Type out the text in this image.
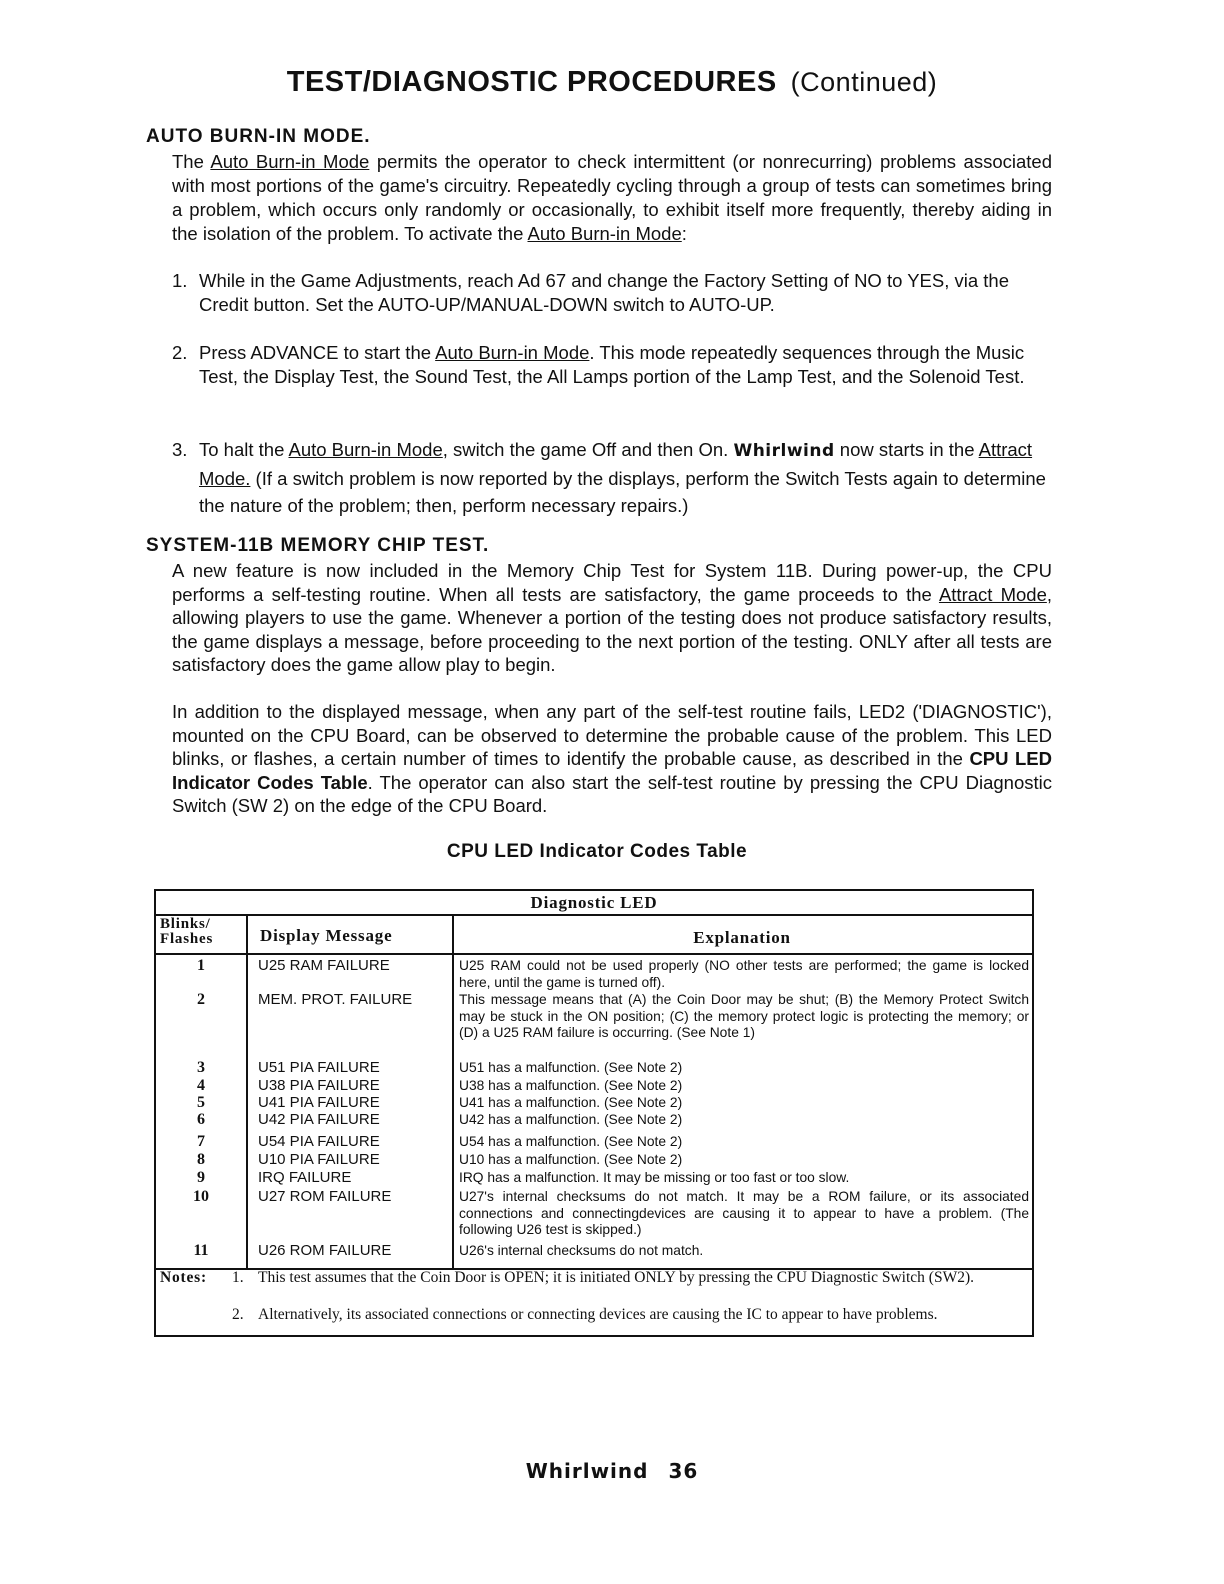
TEST/DIAGNOSTIC PROCEDURES (Continued)
AUTO BURN-IN MODE.
The Auto Burn-in Mode permits the operator to check intermittent (or nonrecurring) problems associated with most portions of the game's circuitry. Repeatedly cycling through a group of tests can sometimes bring a problem, which occurs only randomly or occasionally, to exhibit itself more frequently, thereby aiding in the isolation of the problem. To activate the Auto Burn-in Mode:
1. While in the Game Adjustments, reach Ad 67 and change the Factory Setting of NO to YES, via the Credit button. Set the AUTO-UP/MANUAL-DOWN switch to AUTO-UP.
2. Press ADVANCE to start the Auto Burn-in Mode. This mode repeatedly sequences through the Music Test, the Display Test, the Sound Test, the All Lamps portion of the Lamp Test, and the Solenoid Test.
3. To halt the Auto Burn-in Mode, switch the game Off and then On. Whirlwind now starts in the Attract Mode. (If a switch problem is now reported by the displays, perform the Switch Tests again to determine the nature of the problem; then, perform necessary repairs.)
SYSTEM-11B MEMORY CHIP TEST.
A new feature is now included in the Memory Chip Test for System 11B. During power-up, the CPU performs a self-testing routine. When all tests are satisfactory, the game proceeds to the Attract Mode, allowing players to use the game. Whenever a portion of the testing does not produce satisfactory results, the game displays a message, before proceeding to the next portion of the testing. ONLY after all tests are satisfactory does the game allow play to begin.
In addition to the displayed message, when any part of the self-test routine fails, LED2 ('DIAGNOSTIC'), mounted on the CPU Board, can be observed to determine the probable cause of the problem. This LED blinks, or flashes, a certain number of times to identify the probable cause, as described in the CPU LED Indicator Codes Table. The operator can also start the self-test routine by pressing the CPU Diagnostic Switch (SW 2) on the edge of the CPU Board.
CPU LED Indicator Codes Table
Diagnostic LED
Blinks/
Flashes	Display Message	Explanation
1	U25 RAM FAILURE	U25 RAM could not be used properly (NO other tests are performed; the game is locked here, until the game is turned off).
2	MEM. PROT. FAILURE	This message means that (A) the Coin Door may be shut; (B) the Memory Protect Switch may be stuck in the ON position; (C) the memory protect logic is protecting the memory; or (D) a U25 RAM failure is occurring. (See Note 1)
3	U51 PIA FAILURE	U51 has a malfunction. (See Note 2)
4	U38 PIA FAILURE	U38 has a malfunction. (See Note 2)
5	U41 PIA FAILURE	U41 has a malfunction. (See Note 2)
6	U42 PIA FAILURE	U42 has a malfunction. (See Note 2)
7	U54 PIA FAILURE	U54 has a malfunction. (See Note 2)
8	U10 PIA FAILURE	U10 has a malfunction. (See Note 2)
9	IRQ FAILURE	IRQ has a malfunction. It may be missing or too fast or too slow.
10	U27 ROM FAILURE	U27's internal checksums do not match. It may be a ROM failure, or its associated connections and connectingdevices are causing it to appear to have a problem. (The following U26 test is skipped.)
11	U26 ROM FAILURE	U26's internal checksums do not match.
Notes: 1. This test assumes that the Coin Door is OPEN; it is initiated ONLY by pressing the CPU Diagnostic Switch (SW2).
2. Alternatively, its associated connections or connecting devices are causing the IC to appear to have problems.
Whirlwind 36
